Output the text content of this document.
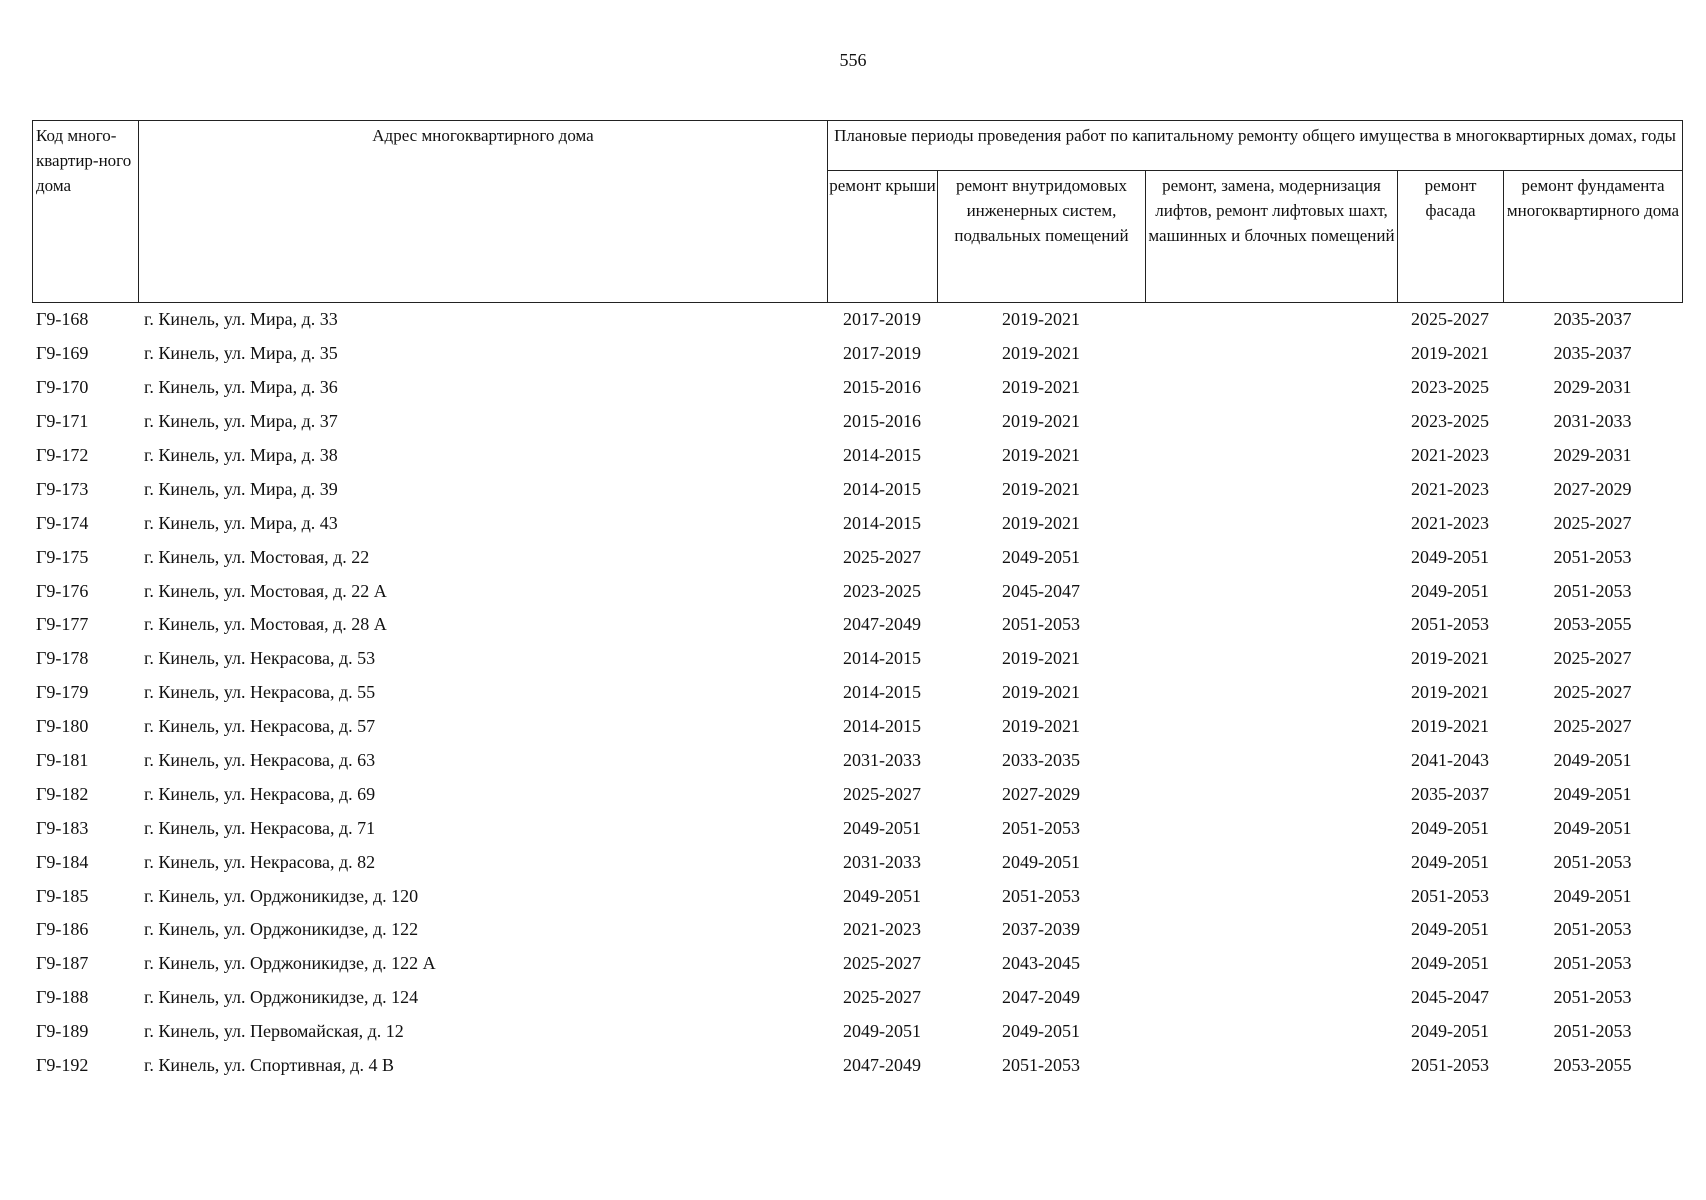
556
Код много-квартир-ного дома	Адрес многоквартирного дома	Плановые периоды проведения работ по капитальному ремонту общего имущества в многоквартирных домах, годы				
		ремонт крыши	ремонт внутридомовых инженерных систем, подвальных помещений	ремонт, замена, модернизация лифтов, ремонт лифтовых шахт, машинных и блочных помещений	ремонт фасада	ремонт фундамента многоквартирного дома
Г9-168	г. Кинель, ул. Мира, д. 33	2017-2019	2019-2021		2025-2027	2035-2037
Г9-169	г. Кинель, ул. Мира, д. 35	2017-2019	2019-2021		2019-2021	2035-2037
Г9-170	г. Кинель, ул. Мира, д. 36	2015-2016	2019-2021		2023-2025	2029-2031
Г9-171	г. Кинель, ул. Мира, д. 37	2015-2016	2019-2021		2023-2025	2031-2033
Г9-172	г. Кинель, ул. Мира, д. 38	2014-2015	2019-2021		2021-2023	2029-2031
Г9-173	г. Кинель, ул. Мира, д. 39	2014-2015	2019-2021		2021-2023	2027-2029
Г9-174	г. Кинель, ул. Мира, д. 43	2014-2015	2019-2021		2021-2023	2025-2027
Г9-175	г. Кинель, ул. Мостовая, д. 22	2025-2027	2049-2051		2049-2051	2051-2053
Г9-176	г. Кинель, ул. Мостовая, д. 22 А	2023-2025	2045-2047		2049-2051	2051-2053
Г9-177	г. Кинель, ул. Мостовая, д. 28 А	2047-2049	2051-2053		2051-2053	2053-2055
Г9-178	г. Кинель, ул. Некрасова, д. 53	2014-2015	2019-2021		2019-2021	2025-2027
Г9-179	г. Кинель, ул. Некрасова, д. 55	2014-2015	2019-2021		2019-2021	2025-2027
Г9-180	г. Кинель, ул. Некрасова, д. 57	2014-2015	2019-2021		2019-2021	2025-2027
Г9-181	г. Кинель, ул. Некрасова, д. 63	2031-2033	2033-2035		2041-2043	2049-2051
Г9-182	г. Кинель, ул. Некрасова, д. 69	2025-2027	2027-2029		2035-2037	2049-2051
Г9-183	г. Кинель, ул. Некрасова, д. 71	2049-2051	2051-2053		2049-2051	2049-2051
Г9-184	г. Кинель, ул. Некрасова, д. 82	2031-2033	2049-2051		2049-2051	2051-2053
Г9-185	г. Кинель, ул. Орджоникидзе, д. 120	2049-2051	2051-2053		2051-2053	2049-2051
Г9-186	г. Кинель, ул. Орджоникидзе, д. 122	2021-2023	2037-2039		2049-2051	2051-2053
Г9-187	г. Кинель, ул. Орджоникидзе, д. 122 А	2025-2027	2043-2045		2049-2051	2051-2053
Г9-188	г. Кинель, ул. Орджоникидзе, д. 124	2025-2027	2047-2049		2045-2047	2051-2053
Г9-189	г. Кинель, ул. Первомайская, д. 12	2049-2051	2049-2051		2049-2051	2051-2053
Г9-192	г. Кинель, ул. Спортивная, д. 4 В	2047-2049	2051-2053		2051-2053	2053-2055
